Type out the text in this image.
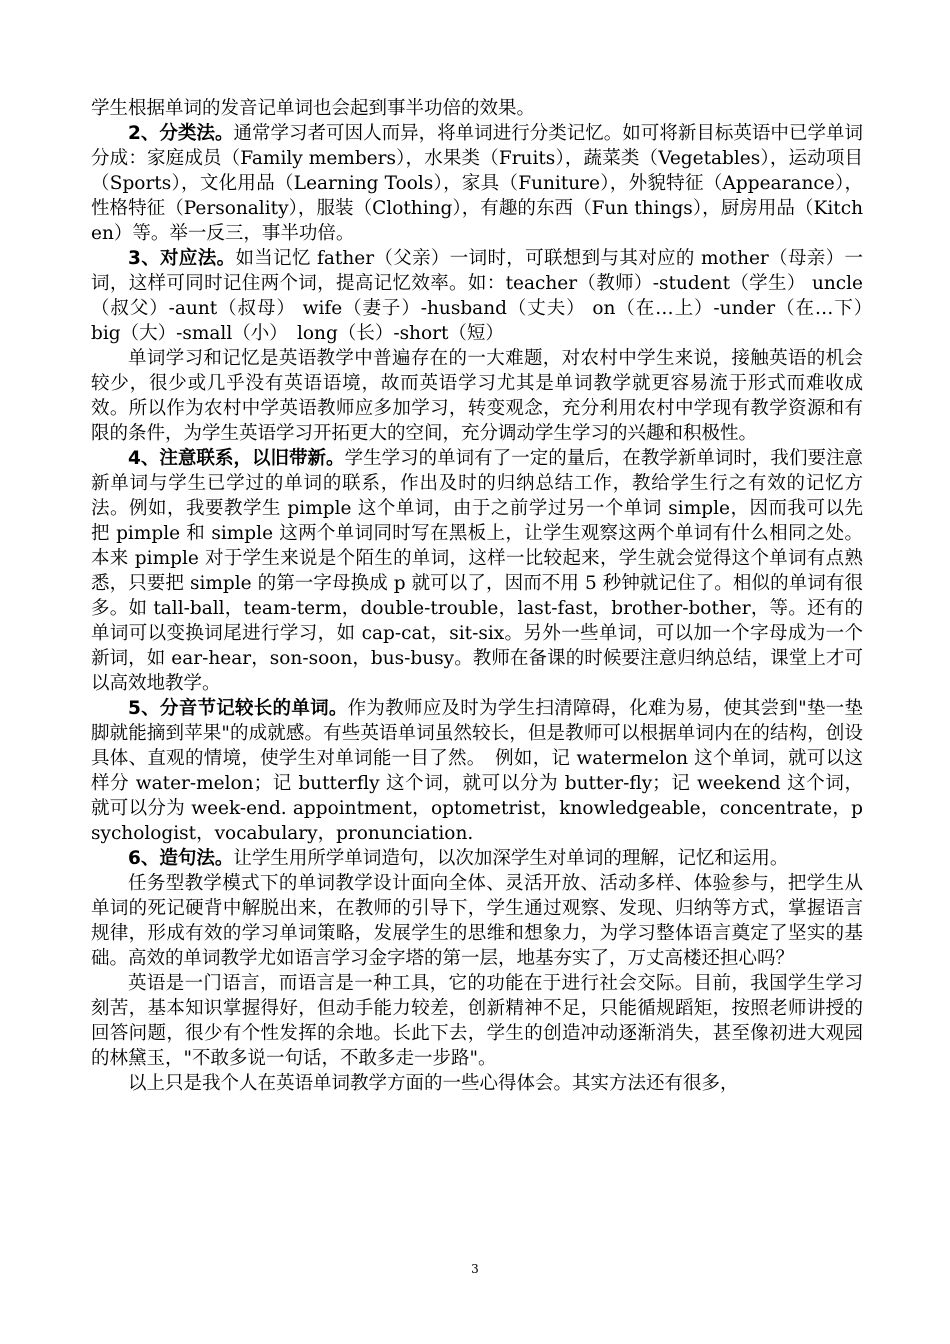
学生根据单词的发音记单词也会起到事半功倍的效果。

2、分类法。通常学习者可因人而异，将单词进行分类记忆。如可将新目标英语中已学单词分成：家庭成员（Family members），水果类（Fruits），蔬菜类（Vegetables），运动项目（Sports），文化用品（Learning Tools），家具（Funiture），外貌特征（Appearance），性格特征（Personality），服装（Clothing），有趣的东西（Fun things），厨房用品（Kitchen）等。举一反三，事半功倍。

3、对应法。如当记忆 father（父亲）一词时，可联想到与其对应的 mother（母亲）一词，这样可同时记住两个词，提高记忆效率。如：teacher（教师）-student（学生） uncle（叔父）-aunt（叔母） wife（妻子）-husband（丈夫） on（在…上）-under（在…下）　big（大）-small（小）　long（长）-short（短）

单词学习和记忆是英语教学中普遍存在的一大难题，对农村中学生来说，接触英语的机会较少，很少或几乎没有英语语境，故而英语学习尤其是单词教学就更容易流于形式而难收成效。所以作为农村中学英语教师应多加学习，转变观念，充分利用农村中学现有教学资源和有限的条件，为学生英语学习开拓更大的空间，充分调动学生学习的兴趣和积极性。

4、注意联系，以旧带新。学生学习的单词有了一定的量后，在教学新单词时，我们要注意新单词与学生已学过的单词的联系，作出及时的归纳总结工作，教给学生行之有效的记忆方法。例如，我要教学生 pimple 这个单词，由于之前学过另一个单词 simple，因而我可以先把 pimple 和 simple 这两个单词同时写在黑板上，让学生观察这两个单词有什么相同之处。本来 pimple 对于学生来说是个陌生的单词，这样一比较起来，学生就会觉得这个单词有点熟悉，只要把 simple 的第一字母换成 p 就可以了，因而不用 5 秒钟就记住了。相似的单词有很多。如 tall-ball，team-term，double-trouble，last-fast，brother-bother，等。还有的单词可以变换词尾进行学习，如 cap-cat，sit-six。另外一些单词，可以加一个字母成为一个新词，如 ear-hear，son-soon，bus-busy。教师在备课的时候要注意归纳总结，课堂上才可以高效地教学。

5、分音节记较长的单词。作为教师应及时为学生扫清障碍，化难为易，使其尝到"垫一垫脚就能摘到苹果"的成就感。有些英语单词虽然较长，但是教师可以根据单词内在的结构，创设具体、直观的情境，使学生对单词能一目了然。　例如，记 watermelon 这个单词，就可以这样分 water-melon；记 butterfly 这个词，就可以分为 butter-fly；记 weekend 这个词，就可以分为 week-end. appointment，optometrist，knowledgeable，concentrate，psychologist，vocabulary，pronunciation.

6、造句法。让学生用所学单词造句，以次加深学生对单词的理解，记忆和运用。

任务型教学模式下的单词教学设计面向全体、灵活开放、活动多样、体验参与，把学生从单词的死记硬背中解脱出来，在教师的引导下，学生通过观察、发现、归纳等方式，掌握语言规律，形成有效的学习单词策略，发展学生的思维和想象力，为学习整体语言奠定了坚实的基础。高效的单词教学尤如语言学习金字塔的第一层，地基夯实了，万丈高楼还担心吗？

英语是一门语言，而语言是一种工具，它的功能在于进行社会交际。目前，我国学生学习刻苦，基本知识掌握得好，但动手能力较差，创新精神不足，只能循规蹈矩，按照老师讲授的回答问题，很少有个性发挥的余地。长此下去，学生的创造冲动逐渐消失，甚至像初进大观园的林黛玉，"不敢多说一句话，不敢多走一步路"。

以上只是我个人在英语单词教学方面的一些心得体会。其实方法还有很多，

3
